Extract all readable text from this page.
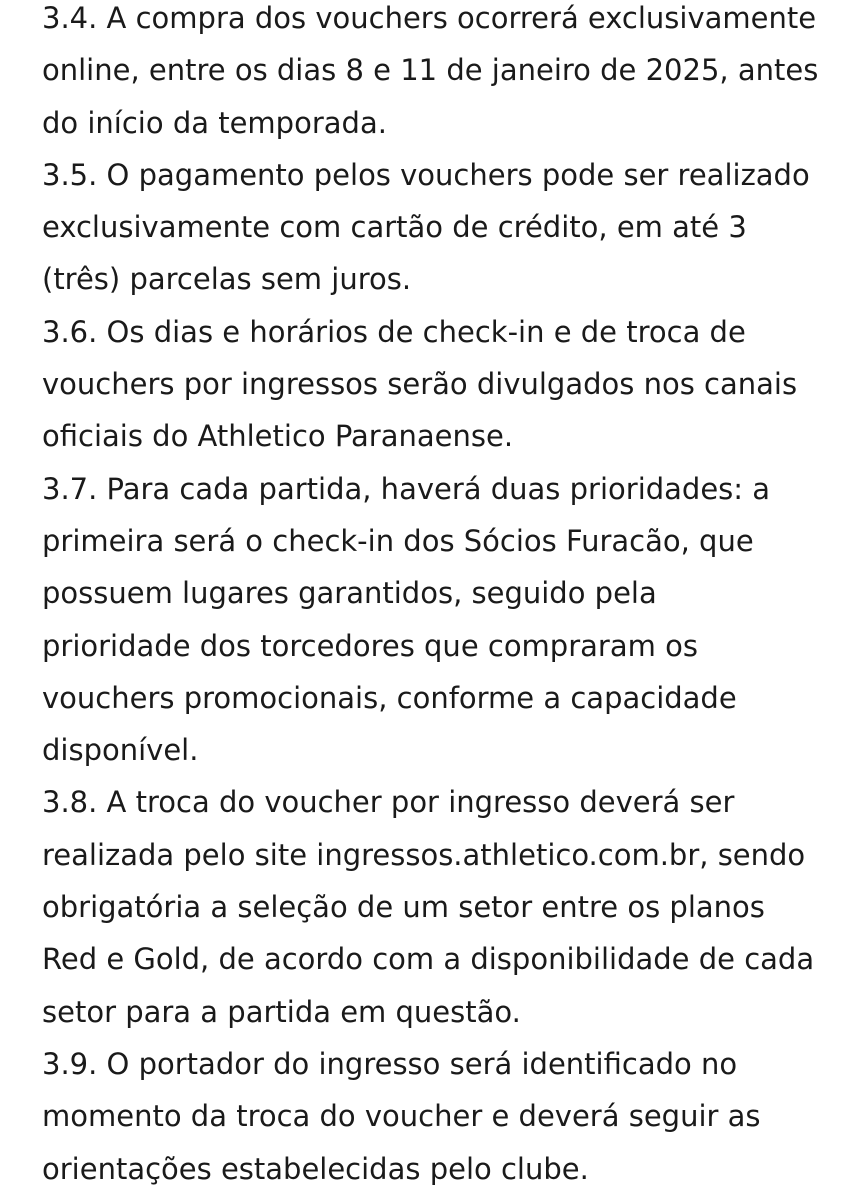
3.4. A compra dos vouchers ocorrerá exclusivamente
online, entre os dias 8 e 11 de janeiro de 2025, antes
do início da temporada.
3.5. O pagamento pelos vouchers pode ser realizado
exclusivamente com cartão de crédito, em até 3
(três) parcelas sem juros.
3.6. Os dias e horários de check-in e de troca de
vouchers por ingressos serão divulgados nos canais
oficiais do Athletico Paranaense.
3.7. Para cada partida, haverá duas prioridades: a
primeira será o check-in dos Sócios Furacão, que
possuem lugares garantidos, seguido pela
prioridade dos torcedores que compraram os
vouchers promocionais, conforme a capacidade
disponível.
3.8. A troca do voucher por ingresso deverá ser
realizada pelo site ingressos.athletico.com.br, sendo
obrigatória a seleção de um setor entre os planos
Red e Gold, de acordo com a disponibilidade de cada
setor para a partida em questão.
3.9. O portador do ingresso será identificado no
momento da troca do voucher e deverá seguir as
orientações estabelecidas pelo clube.
